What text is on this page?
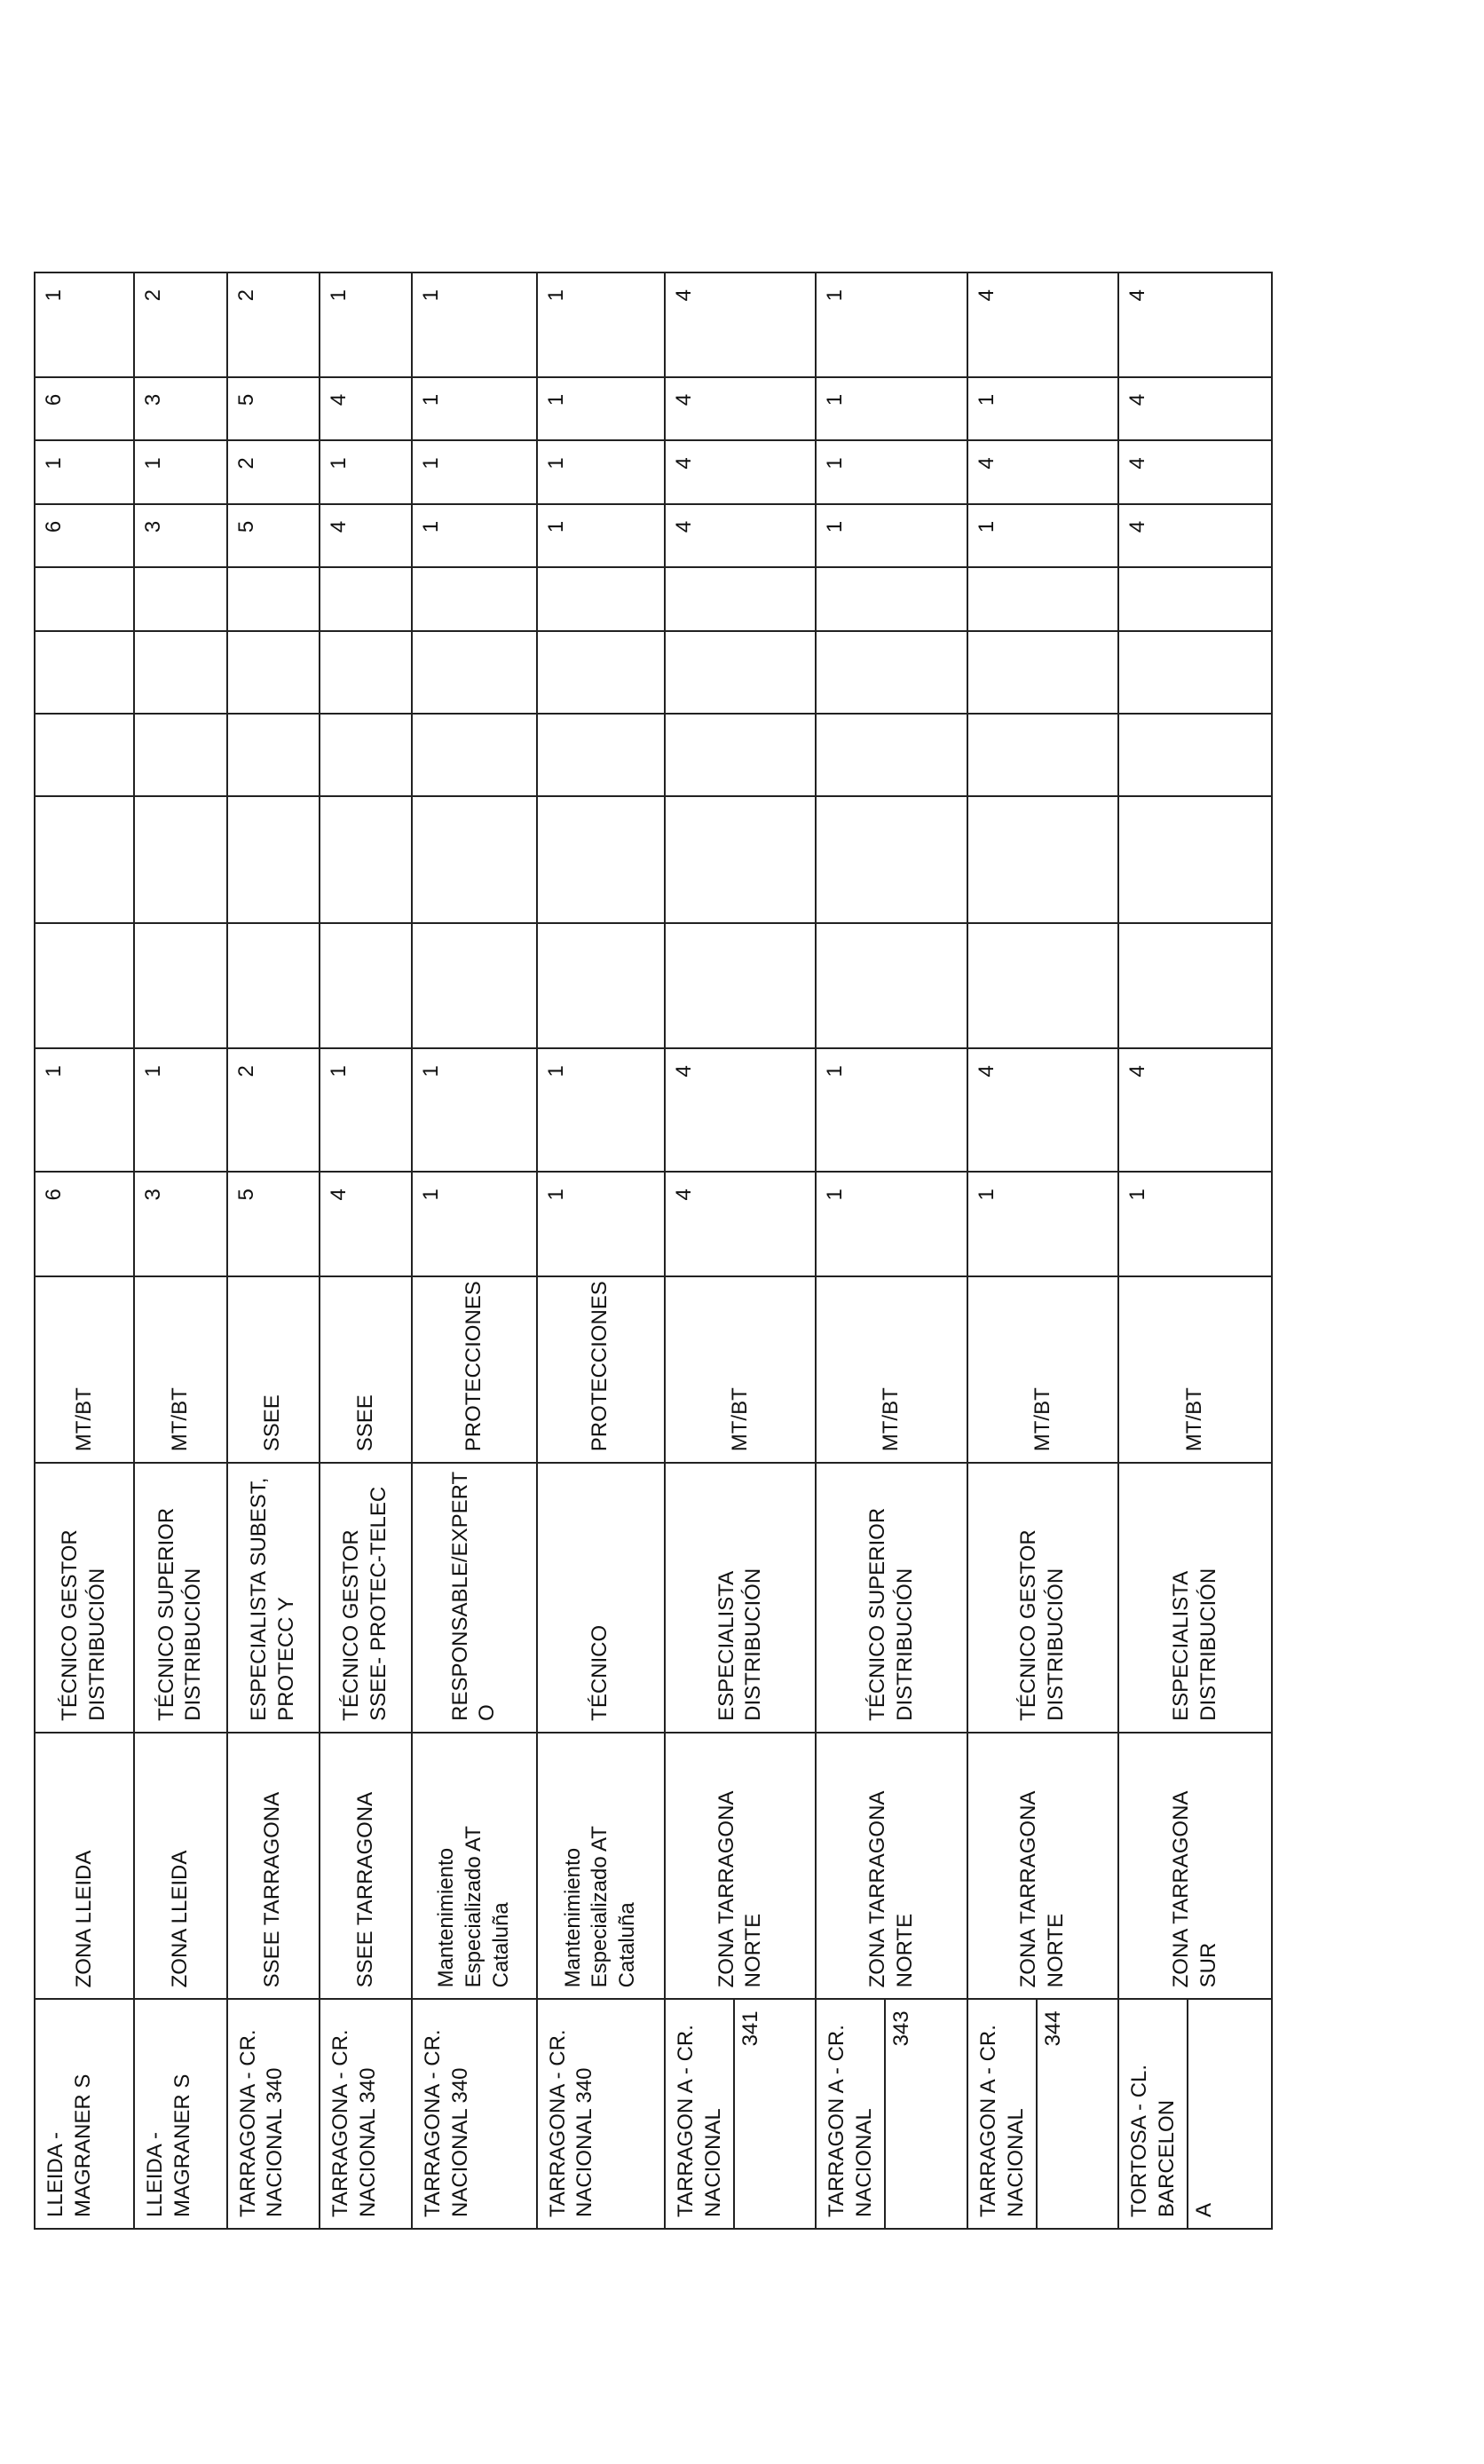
LLEIDA -
MAGRANER S	ZONA LLEIDA	TÉCNICO GESTOR
DISTRIBUCIÓN	MT/BT	6	1						6	1	6	1

LLEIDA -
MAGRANER S	ZONA LLEIDA	TÉCNICO SUPERIOR
DISTRIBUCIÓN	MT/BT	3	1						3	1	3	2

TARRAGONA - CR.
NACIONAL 340	SSEE TARRAGONA	ESPECIALISTA SUBEST,
PROTECC Y	SSEE	5	2						5	2	5	2

TARRAGONA - CR.
NACIONAL 340	SSEE TARRAGONA	TÉCNICO GESTOR
SSEE- PROTEC-TELEC	SSEE	4	1						4	1	4	1

TARRAGONA - CR.
NACIONAL 340	Mantenimiento
Especializado AT
Cataluña	RESPONSABLE/EXPERT
O	PROTECCIONES	1	1						1	1	1	1

TARRAGONA - CR.
NACIONAL 340	Mantenimiento
Especializado AT
Cataluña	TÉCNICO	PROTECCIONES	1	1						1	1	1	1

TARRAGON A - CR.
NACIONAL
341	ZONA TARRAGONA
NORTE	ESPECIALISTA
DISTRIBUCIÓN	MT/BT	4	4						4	4	4	4

TARRAGON A - CR.
NACIONAL
343	ZONA TARRAGONA
NORTE	TÉCNICO SUPERIOR
DISTRIBUCIÓN	MT/BT	1	1						1	1	1	1

TARRAGON A - CR.
NACIONAL
344	ZONA TARRAGONA
NORTE	TÉCNICO GESTOR
DISTRIBUCIÓN	MT/BT	1	4						1	4	1	4

TORTOSA - CL.
BARCELON A	ZONA TARRAGONA
SUR	ESPECIALISTA
DISTRIBUCIÓN	MT/BT	1	4						4	4	4	4
